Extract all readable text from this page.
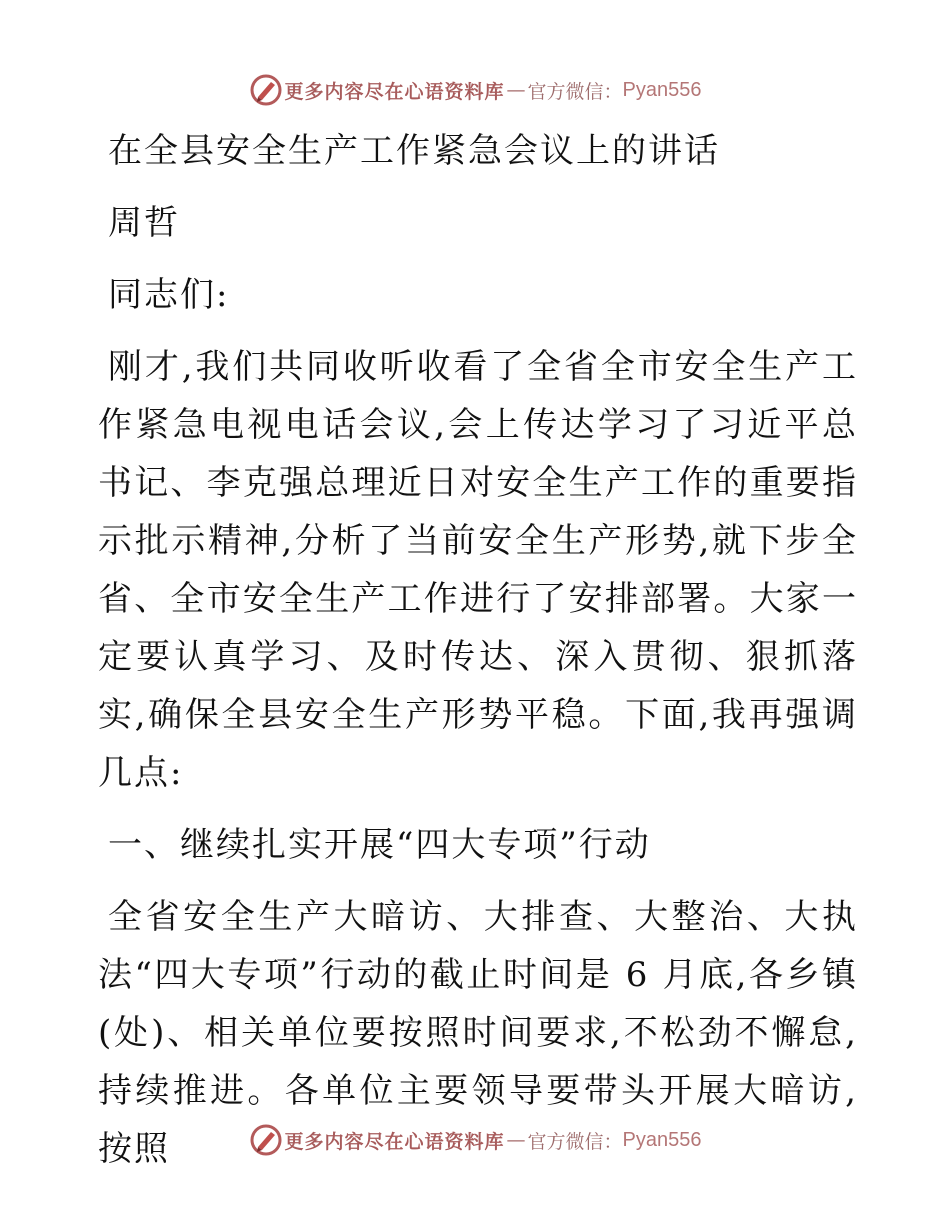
更多内容尽在心语资料库 — 官方微信： Pyan556

在全县安全生产工作紧急会议上的讲话

周哲

同志们:

刚才,我们共同收听收看了全省全市安全生产工作紧急电视电话会议,会上传达学习了习近平总书记、李克强总理近日对安全生产工作的重要指示批示精神,分析了当前安全生产形势,就下步全省、全市安全生产工作进行了安排部署。大家一定要认真学习、及时传达、深入贯彻、狠抓落实,确保全县安全生产形势平稳。下面,我再强调几点:

一、继续扎实开展“四大专项”行动

全省安全生产大暗访、大排查、大整治、大执法“四大专项”行动的截止时间是 6 月底,各乡镇(处)、相关单位要按照时间要求,不松劲不懈怠,持续推进。各单位主要领导要带头开展大暗访,按照	更多内容尽在心语资料库 — 官方微信： Pyan556
